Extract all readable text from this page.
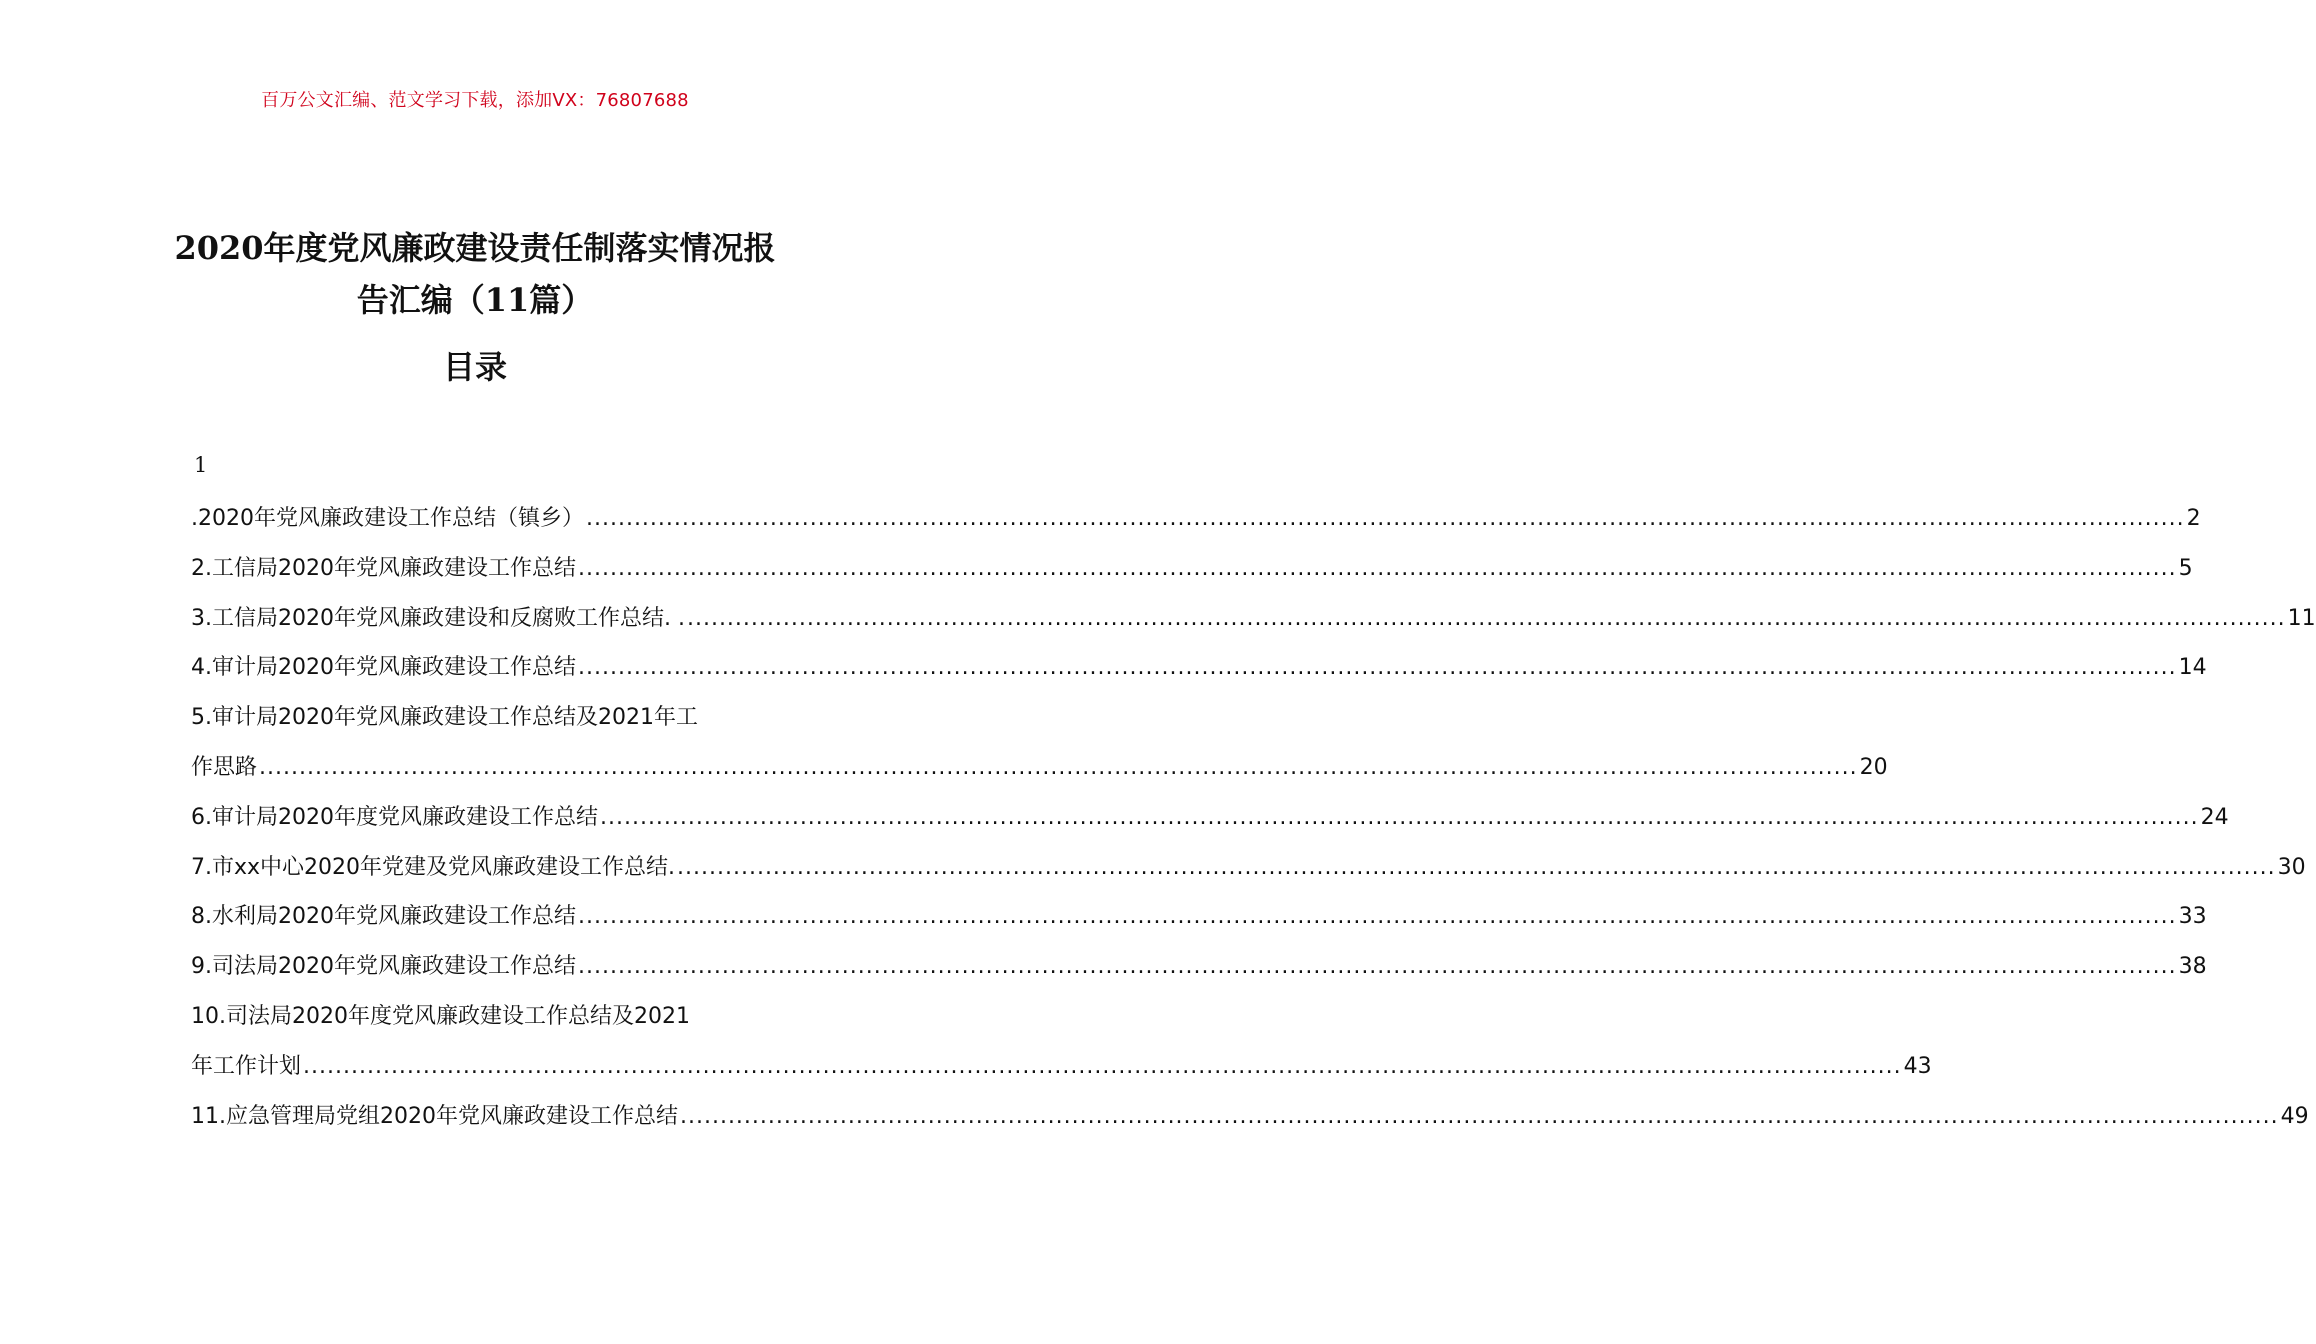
百万公文汇编、范文学习下载，添加VX：76807688
2020年度党风廉政建设责任制落实情况报
告汇编（11篇）
目录
1
.2020年党风廉政建设工作总结（镇乡） ........................................................................................................................................................................................................ 2
2.工信局2020年党风廉政建设工作总结 ........................................................................................................................................................................................................ 5
3.工信局2020年党风廉政建设和反腐败工作总结. . ........................................................................................................................................................................................................ 11
4.审计局2020年党风廉政建设工作总结 ........................................................................................................................................................................................................ 14
5.审计局2020年党风廉政建设工作总结及2021年工
作思路 ........................................................................................................................................................................................................ 20
6.审计局2020年度党风廉政建设工作总结 ........................................................................................................................................................................................................ 24
7.市xx中心2020年党建及党风廉政建设工作总结. ........................................................................................................................................................................................................ 30
8.水利局2020年党风廉政建设工作总结 ........................................................................................................................................................................................................ 33
9.司法局2020年党风廉政建设工作总结 ........................................................................................................................................................................................................ 38
10.司法局2020年度党风廉政建设工作总结及2021
年工作计划 ........................................................................................................................................................................................................ 43
11.应急管理局党组2020年党风廉政建设工作总结 ........................................................................................................................................................................................................ 49
